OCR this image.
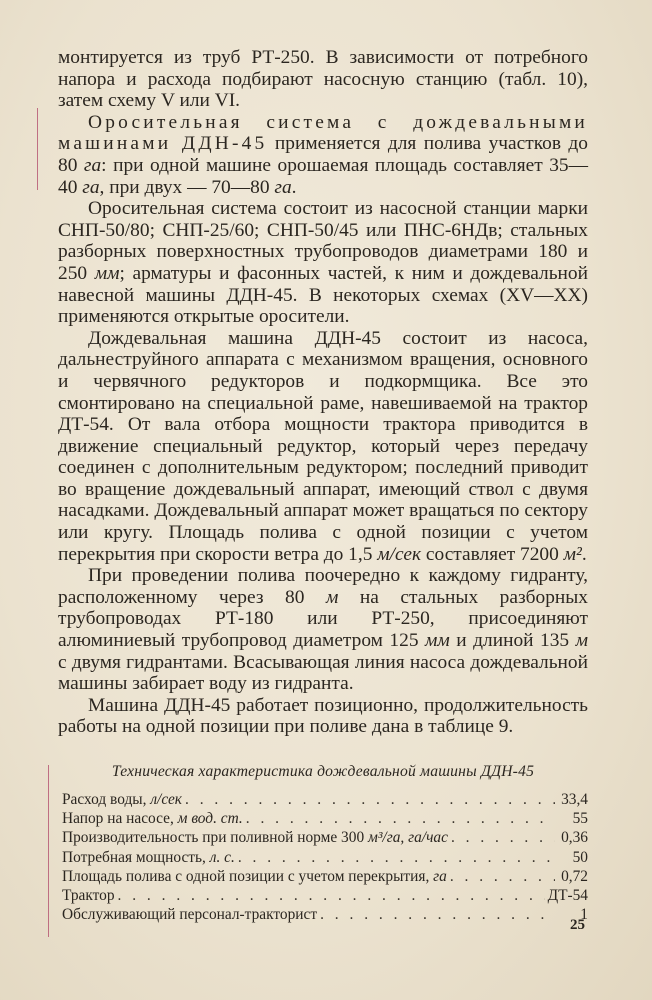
монтируется из труб РТ-250. В зависимости от потребного напора и расхода подбирают насосную станцию (табл. 10), затем схему V или VI.

Оросительная система с дождевальными машинами ДДН-45 применяется для полива участков до 80 га: при одной машине орошаемая площадь составляет 35—40 га, при двух — 70—80 га.

Оросительная система состоит из насосной станции марки СНП-50/80; СНП-25/60; СНП-50/45 или ПНС-6НДв; стальных разборных поверхностных трубопроводов диаметрами 180 и 250 мм; арматуры и фасонных частей, к ним и дождевальной навесной машины ДДН-45. В некоторых схемах (XV—XX) применяются открытые оросители.

Дождевальная машина ДДН-45 состоит из насоса, дальнеструйного аппарата с механизмом вращения, основного и червячного редукторов и подкормщика. Все это смонтировано на специальной раме, навешиваемой на трактор ДТ-54. От вала отбора мощности трактора приводится в движение специальный редуктор, который через передачу соединен с дополнительным редуктором; последний приводит во вращение дождевальный аппарат, имеющий ствол с двумя насадками. Дождевальный аппарат может вращаться по сектору или кругу. Площадь полива с одной позиции с учетом перекрытия при скорости ветра до 1,5 м/сек составляет 7200 м².

При проведении полива поочередно к каждому гидранту, расположенному через 80 м на стальных разборных трубопроводах РТ-180 или РТ-250, присоединяют алюминиевый трубопровод диаметром 125 мм и длиной 135 м с двумя гидрантами. Всасывающая линия насоса дождевальной машины забирает воду из гидранта.

Машина ДДН-45 работает позиционно, продолжительность работы на одной позиции при поливе дана в таблице 9.

Техническая характеристика дождевальной машины ДДН-45
Расход воды, л/сек . . .	33,4
Напор на насосе, м вод. ст. . . .	55
Производительность при поливной норме 300 м³/га, га/час . . .	0,36
Потребная мощность, л. с. . . .	50
Площадь полива с одной позиции с учетом перекрытия, га . . .	0,72
Трактор . . .	ДТ-54
Обслуживающий персонал-тракторист . . .	1
25
